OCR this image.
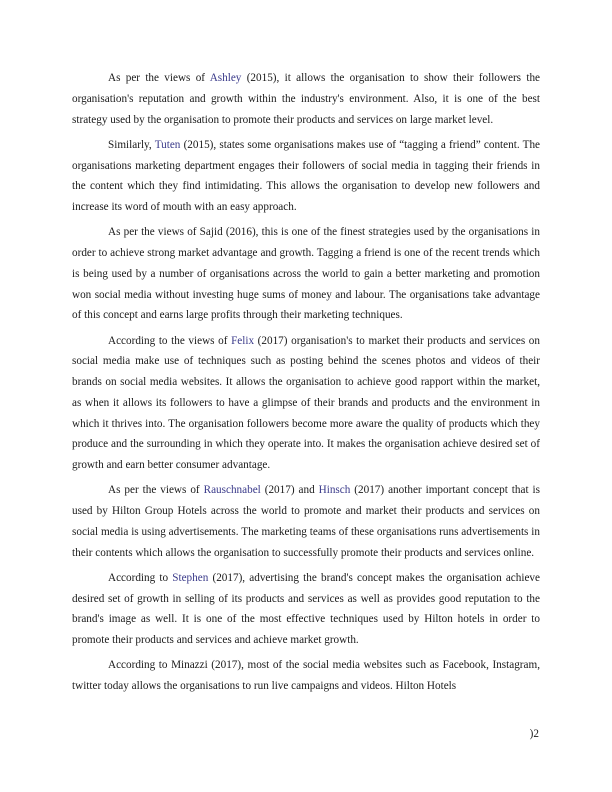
As per the views of Ashley (2015), it allows the organisation to show their followers the organisation's reputation and growth within the industry's environment. Also, it is one of the best strategy used by the organisation to promote their products and services on large market level.

Similarly, Tuten (2015), states some organisations makes use of “tagging a friend” content. The organisations marketing department engages their followers of social media in tagging their friends in the content which they find intimidating. This allows the organisation to develop new followers and increase its word of mouth with an easy approach.

As per the views of Sajid (2016), this is one of the finest strategies used by the organisations in order to achieve strong market advantage and growth. Tagging a friend is one of the recent trends which is being used by a number of organisations across the world to gain a better marketing and promotion won social media without investing huge sums of money and labour. The organisations take advantage of this concept and earns large profits through their marketing techniques.

According to the views of Felix (2017) organisation's to market their products and services on social media make use of techniques such as posting behind the scenes photos and videos of their brands on social media websites. It allows the organisation to achieve good rapport within the market, as when it allows its followers to have a glimpse of their brands and products and the environment in which it thrives into. The organisation followers become more aware the quality of products which they produce and the surrounding in which they operate into. It makes the organisation achieve desired set of growth and earn better consumer advantage.

As per the views of Rauschnabel (2017) and Hinsch (2017) another important concept that is used by Hilton Group Hotels across the world to promote and market their products and services on social media is using advertisements. The marketing teams of these organisations runs advertisements in their contents which allows the organisation to successfully promote their products and services online.

According to Stephen (2017), advertising the brand's concept makes the organisation achieve desired set of growth in selling of its products and services as well as provides good reputation to the brand's image as well. It is one of the most effective techniques used by Hilton hotels in order to promote their products and services and achieve market growth.

According to Minazzi (2017), most of the social media websites such as Facebook, Instagram, twitter today allows the organisations to run live campaigns and videos. Hilton Hotels

)2
